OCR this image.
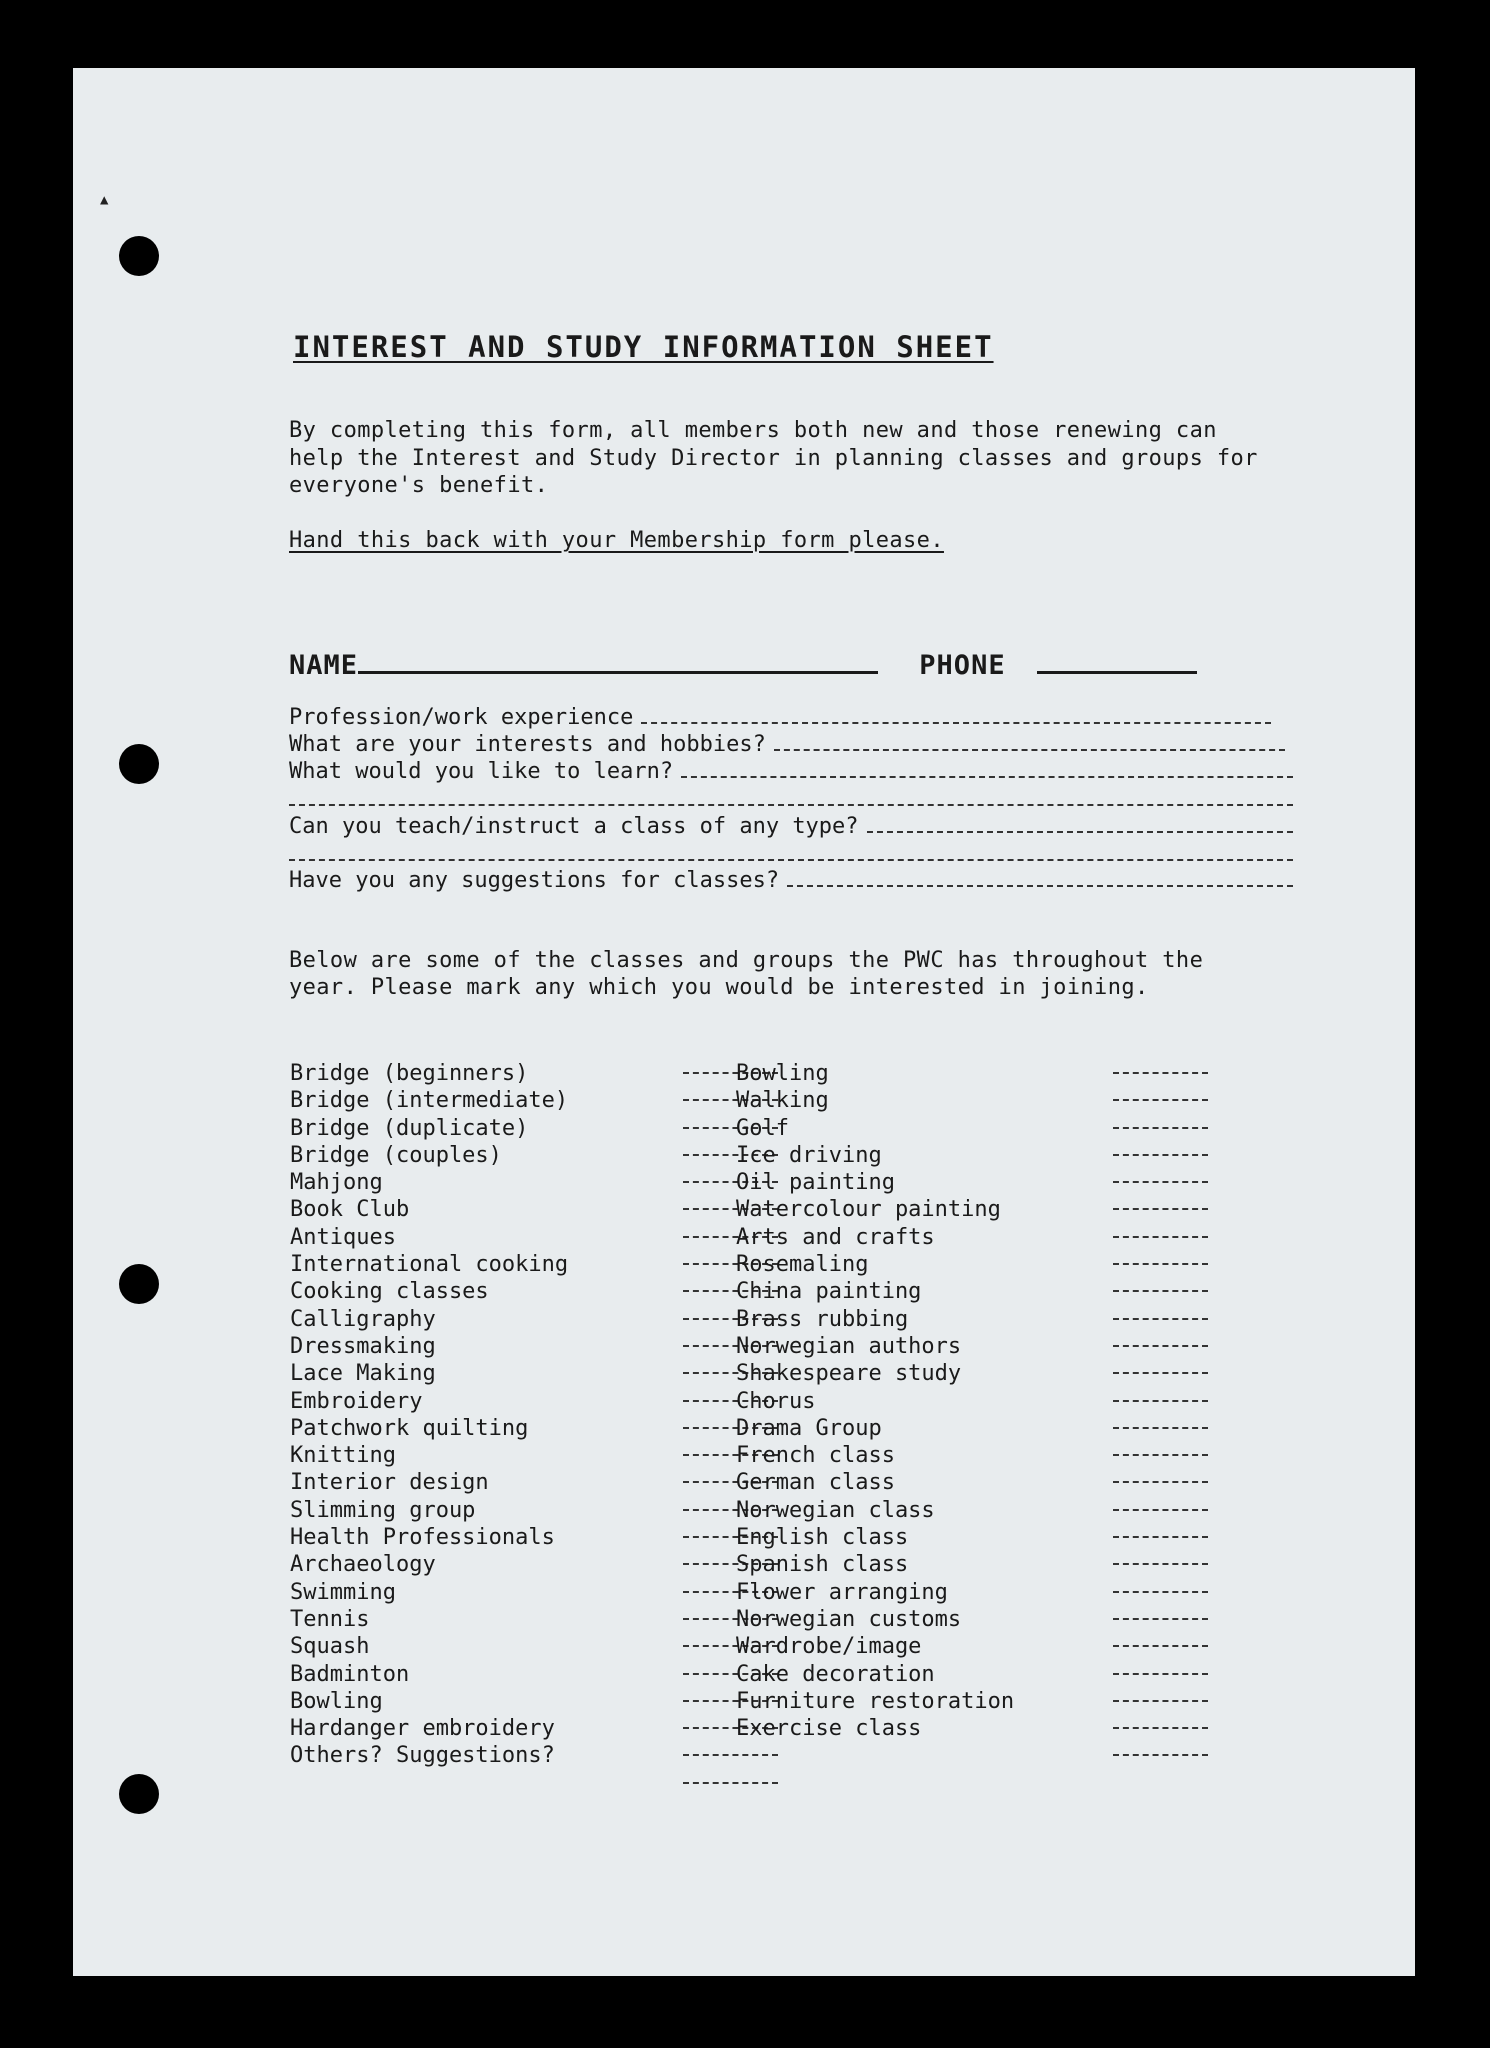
▲
INTEREST AND STUDY INFORMATION SHEET

By completing this form, all members both new and those renewing can

help the Interest and Study Director in planning classes and groups for

everyone's benefit.

Hand this back with your Membership form please.

NAME	PHONE
Profession/work experience
What are your interests and hobbies?
What would you like to learn?
Can you teach/instruct a class of any type?
Have you any suggestions for classes?

Below are some of the classes and groups the PWC has throughout the

year. Please mark any which you would be interested in joining.

Bridge (beginners)
Bridge (intermediate)
Bridge (duplicate)
Bridge (couples)
Mahjong
Book Club
Antiques
International cooking
Cooking classes
Calligraphy
Dressmaking
Lace Making
Embroidery
Patchwork quilting
Knitting
Interior design
Slimming group
Health Professionals
Archaeology
Swimming
Tennis
Squash
Badminton
Bowling
Hardanger embroidery
Others? Suggestions?
Bowling
Walking
Golf
Ice driving
Oil painting
Watercolour painting
Arts and crafts
Rosemaling
China painting
Brass rubbing
Norwegian authors
Shakespeare study
Chorus
Drama Group
French class
German class
Norwegian class
English class
Spanish class
Flower arranging
Norwegian customs
Wardrobe/image
Cake decoration
Furniture restoration
Exercise class
